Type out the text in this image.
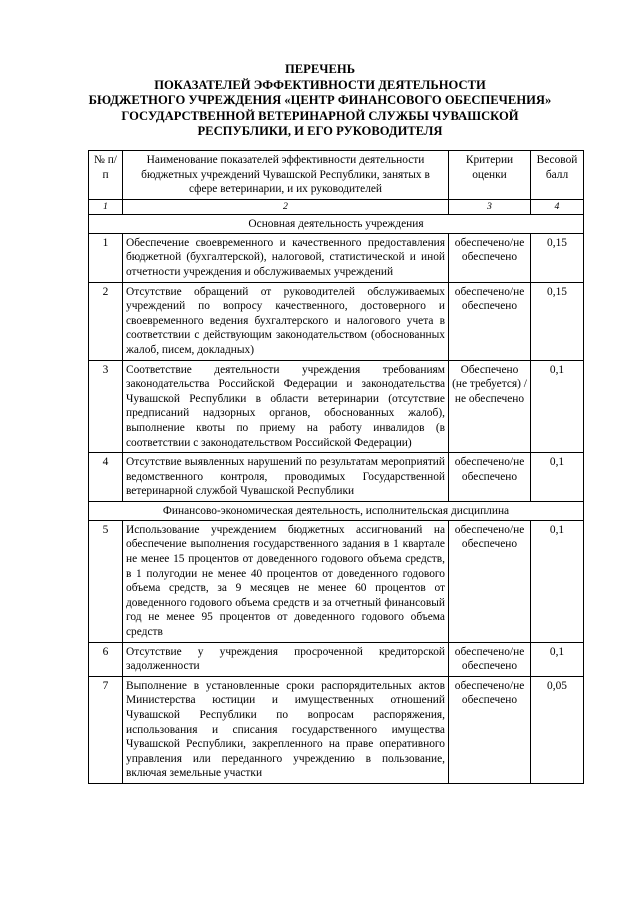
ПЕРЕЧЕНЬ
ПОКАЗАТЕЛЕЙ ЭФФЕКТИВНОСТИ ДЕЯТЕЛЬНОСТИ
БЮДЖЕТНОГО УЧРЕЖДЕНИЯ «ЦЕНТР ФИНАНСОВОГО ОБЕСПЕЧЕНИЯ»
ГОСУДАРСТВЕННОЙ ВЕТЕРИНАРНОЙ СЛУЖБЫ ЧУВАШСКОЙ
РЕСПУБЛИКИ, И ЕГО РУКОВОДИТЕЛЯ
№ п/п	Наименование показателей эффективности деятельности бюджетных учреждений Чувашской Республики, занятых в сфере ветеринарии, и их руководителей	Критерии оценки	Весовой балл
1	2	3	4
Основная деятельность учреждения			
1	Обеспечение своевременного и качественного предоставления бюджетной (бухгалтерской), налоговой, статистической и иной отчетности учреждения и обслуживаемых учреждений	обеспечено/не обеспечено	0,15
2	Отсутствие обращений от руководителей обслуживаемых учреждений по вопросу качественного, достоверного и своевременного ведения бухгалтерского и налогового учета в соответствии с действующим законодательством (обоснованных жалоб, писем, докладных)	обеспечено/не обеспечено	0,15
3	Соответствие деятельности учреждения требованиям законодательства Российской Федерации и законодательства Чувашской Республики в области ветеринарии (отсутствие предписаний надзорных органов, обоснованных жалоб), выполнение квоты по приему на работу инвалидов (в соответствии с законодательством Российской Федерации)	Обеспечено (не требуется) /не обеспечено	0,1
4	Отсутствие выявленных нарушений по результатам мероприятий ведомственного контроля, проводимых Государственной ветеринарной службой Чувашской Республики	обеспечено/не обеспечено	0,1
Финансово-экономическая деятельность, исполнительская дисциплина			
5	Использование учреждением бюджетных ассигнований на обеспечение выполнения государственного задания в 1 квартале не менее 15 процентов от доведенного годового объема средств, в 1 полугодии не менее 40 процентов от доведенного годового объема средств, за 9 месяцев не менее 60 процентов от доведенного годового объема средств и за отчетный финансовый год не менее 95 процентов от доведенного годового объема средств	обеспечено/не обеспечено	0,1
6	Отсутствие у учреждения просроченной кредиторской задолженности	обеспечено/не обеспечено	0,1
7	Выполнение в установленные сроки распорядительных актов Министерства юстиции и имущественных отношений Чувашской Республики по вопросам распоряжения, использования и списания государственного имущества Чувашской Республики, закрепленного на праве оперативного управления или переданного учреждению в пользование, включая земельные участки	обеспечено/не обеспечено	0,05
